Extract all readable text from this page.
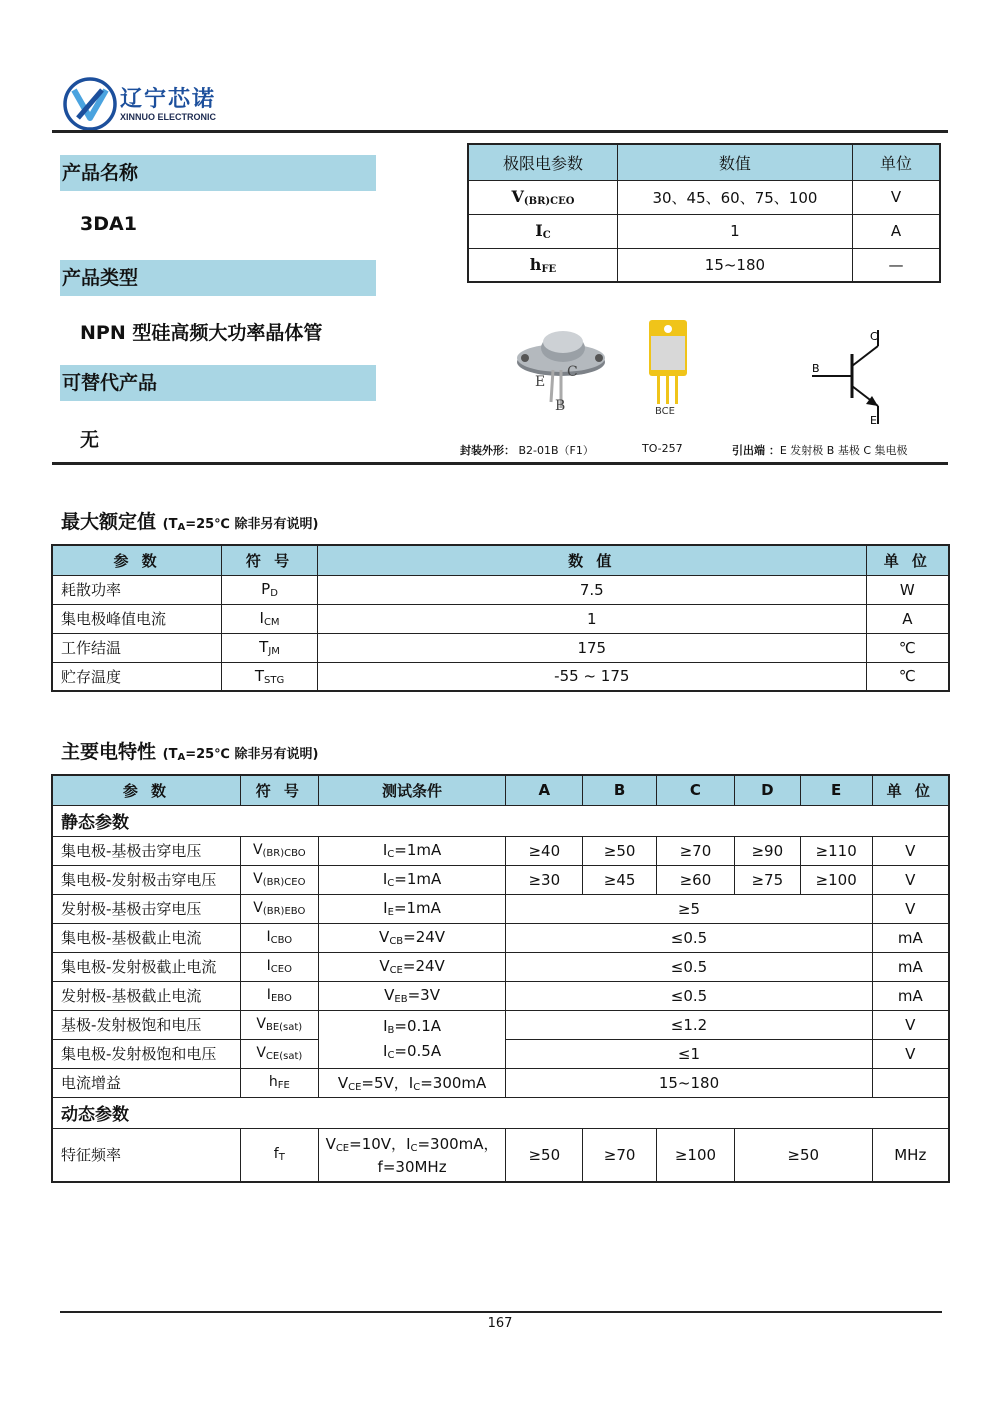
辽宁芯诺
XINNUO ELECTRONIC
产品名称
3DA1
产品类型
NPN 型硅高频大功率晶体管
可替代产品
无
极限电参数	数值	单位
$V_{(BR)CEO}$	30、45、60、75、100	V
$I_C$	1	A
$h_{FE}$	15~180	—
E
C
B	BCE
C
B
E
封装外形： B2-01B（F1）	TO-257	引出端 ：E 发射极 B 基极 C 集电极
最大额定值 ($T_A=25℃$ 除非另有说明)
参 数	符 号	数 值	单 位
耗散功率	$P_D$	7.5	W
集电极峰值电流	$I_{CM}$	1	A
工作结温	$T_{JM}$	175	℃
贮存温度	$T_{STG}$	-55 ~ 175	℃
主要电特性 ($T_A=25℃$ 除非另有说明)
参 数	符 号	测试条件	A	B	C	D	E	单 位
静态参数								
集电极-基极击穿电压	$V_{(BR)CBO}$	$I_C=1mA$	≥40	≥50	≥70	≥90	≥110	V
集电极-发射极击穿电压	$V_{(BR)CEO}$	$I_C=1mA$	≥30	≥45	≥60	≥75	≥100	V
发射极-基极击穿电压	$V_{(BR)EBO}$	$I_E=1mA$	≥5					V
集电极-基极截止电流	$I_{CBO}$	$V_{CB}=24V$	≤0.5					mA
集电极-发射极截止电流	$I_{CEO}$	$V_{CE}=24V$	≤0.5					mA
发射极-基极截止电流	$I_{EBO}$	$V_{EB}=3V$	≤0.5					mA
基极-发射极饱和电压	$V_{BE(sat)}$	$I_B=0.1A$
$I_C=0.5A$	≤1.2					V
集电极-发射极饱和电压	$V_{CE(sat)}$		≤1					V
电流增益	$h_{FE}$	$V_{CE}=5V$，$I_C=300mA$	15~180					
动态参数								
特征频率	$f_T$	$V_{CE}=10V$，$I_C=300mA$，
f=30MHz	≥50	≥70	≥100	≥50		MHz
167
